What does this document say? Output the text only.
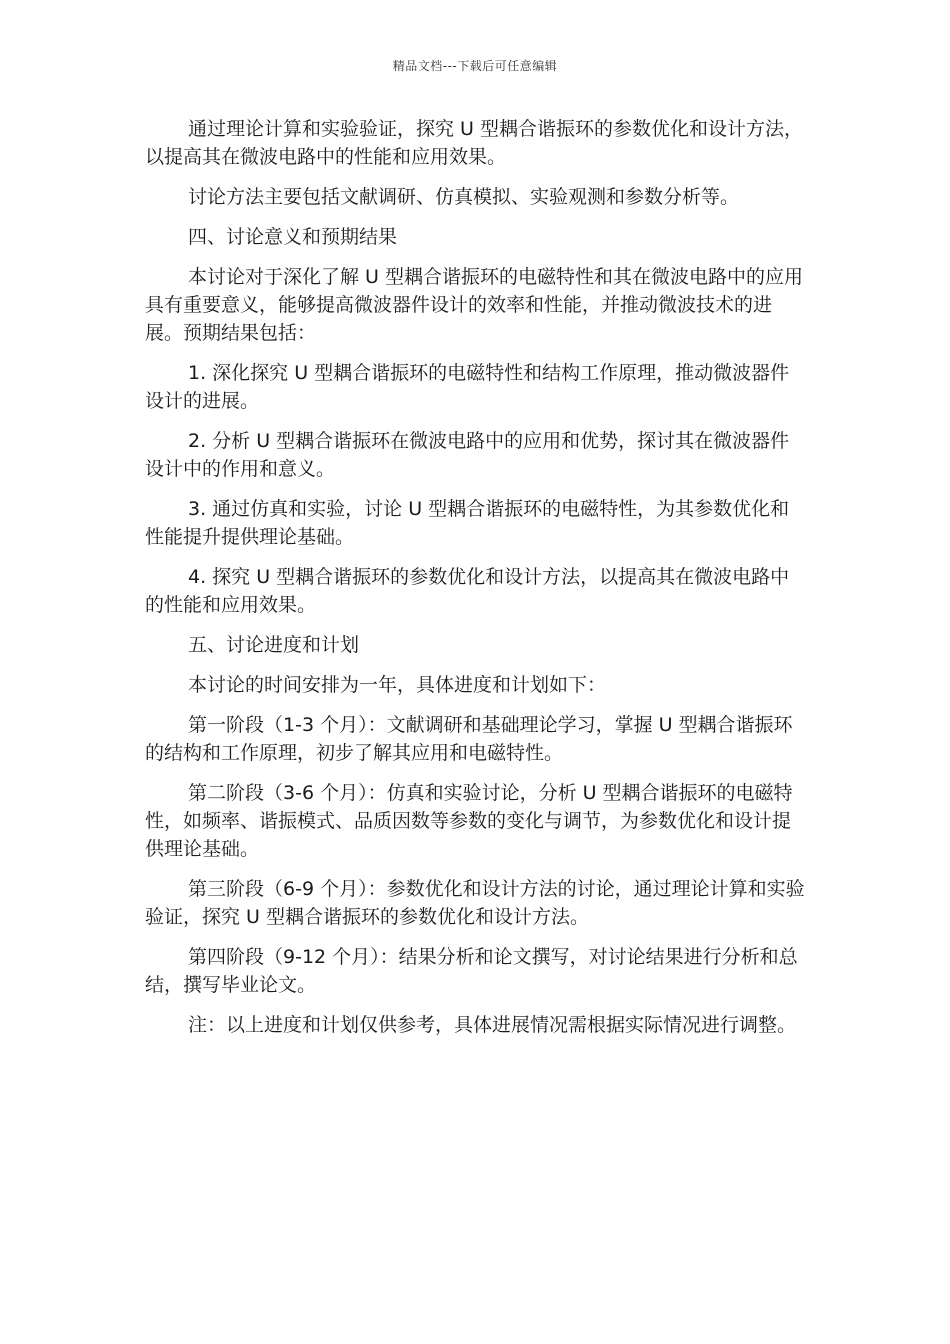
精品文档---下载后可任意编辑

通过理论计算和实验验证，探究 U 型耦合谐振环的参数优化和设计方法，以提高其在微波电路中的性能和应用效果。

讨论方法主要包括文献调研、仿真模拟、实验观测和参数分析等。

四、讨论意义和预期结果

本讨论对于深化了解 U 型耦合谐振环的电磁特性和其在微波电路中的应用具有重要意义，能够提高微波器件设计的效率和性能，并推动微波技术的进展。预期结果包括：

1. 深化探究 U 型耦合谐振环的电磁特性和结构工作原理，推动微波器件设计的进展。

2. 分析 U 型耦合谐振环在微波电路中的应用和优势，探讨其在微波器件设计中的作用和意义。

3. 通过仿真和实验，讨论 U 型耦合谐振环的电磁特性，为其参数优化和性能提升提供理论基础。

4. 探究 U 型耦合谐振环的参数优化和设计方法，以提高其在微波电路中的性能和应用效果。

五、讨论进度和计划

本讨论的时间安排为一年，具体进度和计划如下：

第一阶段（1-3 个月）：文献调研和基础理论学习，掌握 U 型耦合谐振环的结构和工作原理，初步了解其应用和电磁特性。

第二阶段（3-6 个月）：仿真和实验讨论，分析 U 型耦合谐振环的电磁特性，如频率、谐振模式、品质因数等参数的变化与调节，为参数优化和设计提供理论基础。

第三阶段（6-9 个月）：参数优化和设计方法的讨论，通过理论计算和实验验证，探究 U 型耦合谐振环的参数优化和设计方法。

第四阶段（9-12 个月）：结果分析和论文撰写，对讨论结果进行分析和总结，撰写毕业论文。

注：以上进度和计划仅供参考，具体进展情况需根据实际情况进行调整。
